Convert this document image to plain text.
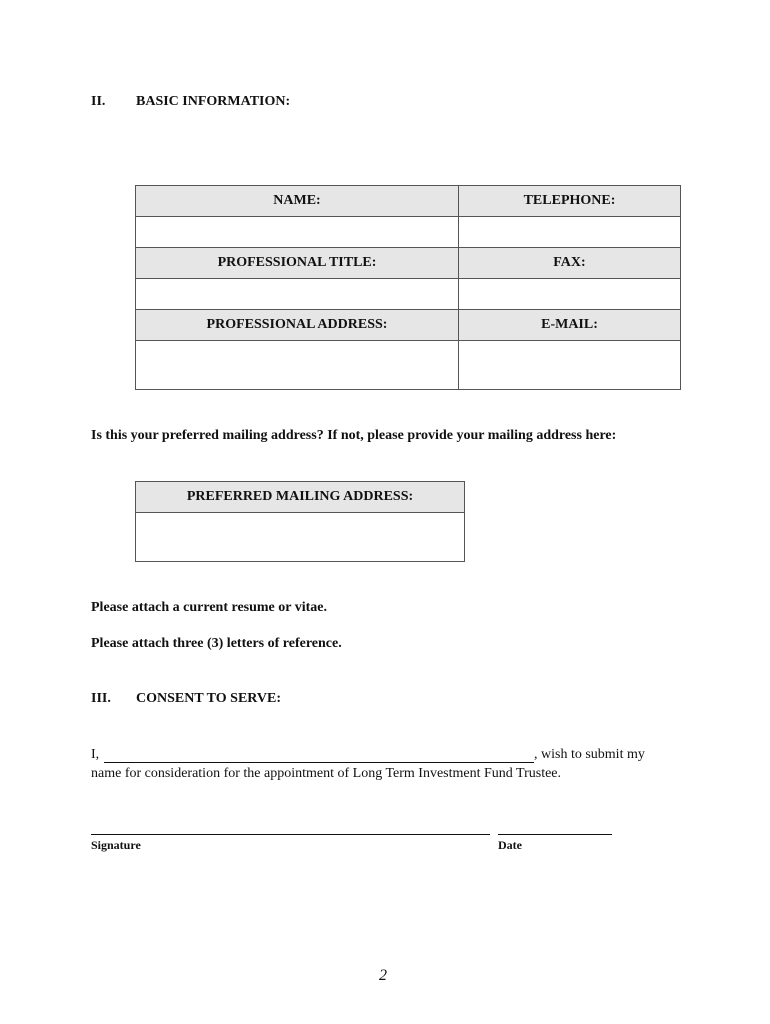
II. BASIC INFORMATION:
NAME:	TELEPHONE:

PROFESSIONAL TITLE:	FAX:

PROFESSIONAL ADDRESS:	E-MAIL:

Is this your preferred mailing address? If not, please provide your mailing address here:
PREFERRED MAILING ADDRESS:

Please attach a current resume or vitae.
Please attach three (3) letters of reference.
III. CONSENT TO SERVE:
I,	, wish to submit my
name for consideration for the appointment of Long Term Investment Fund Trustee.
Signature	Date
2
